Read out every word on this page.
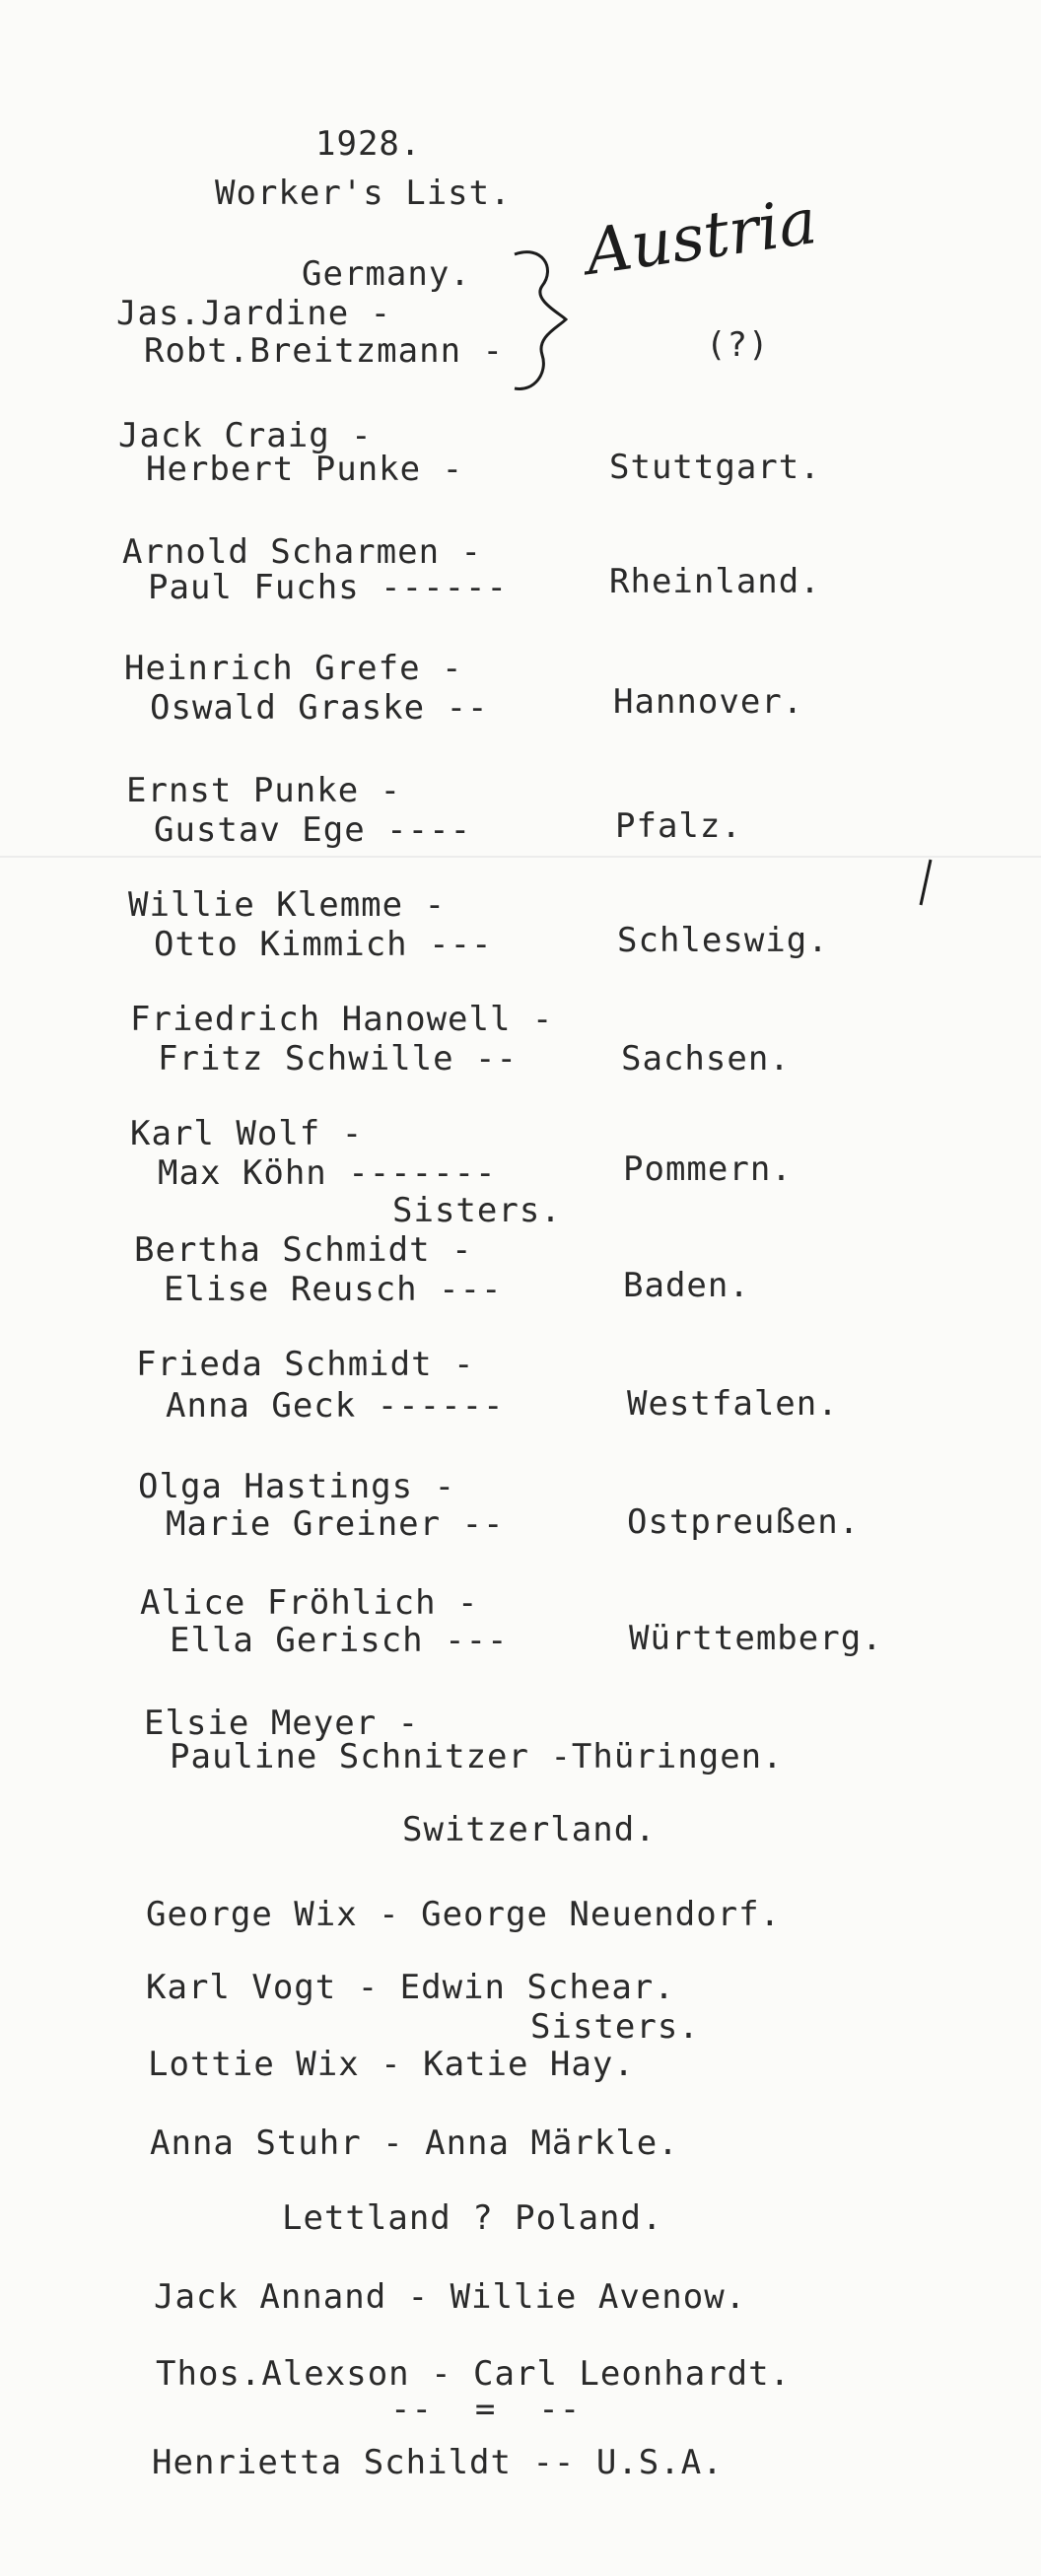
1928.
Worker's List.
Germany.
Jas.Jardine -
Robt.Breitzmann -
Austria
(?)
Jack Craig -
Herbert Punke -	Stuttgart.
Arnold Scharmen -
Paul Fuchs ------	Rheinland.
Heinrich Grefe -
Oswald Graske --	Hannover.
Ernst Punke -
Gustav Ege ----	Pfalz.
Willie Klemme -
Otto Kimmich ---	Schleswig.
Friedrich Hanowell -
Fritz Schwille --	Sachsen.
Karl Wolf -
Max Köhn -------	Pommern.
Sisters.
Bertha Schmidt -
Elise Reusch ---	Baden.
Frieda Schmidt -
Anna Geck ------	Westfalen.
Olga Hastings -
Marie Greiner --	Ostpreußen.
Alice Fröhlich -
Ella Gerisch ---	Württemberg.
Elsie Meyer -
Pauline Schnitzer -Thüringen.
Switzerland.
George Wix - George Neuendorf.
Karl Vogt - Edwin Schear.
Sisters.
Lottie Wix - Katie Hay.
Anna Stuhr - Anna Märkle.
Lettland ? Poland.
Jack Annand - Willie Avenow.
Thos.Alexson - Carl Leonhardt.
--  =  --
Henrietta Schildt -- U.S.A.
